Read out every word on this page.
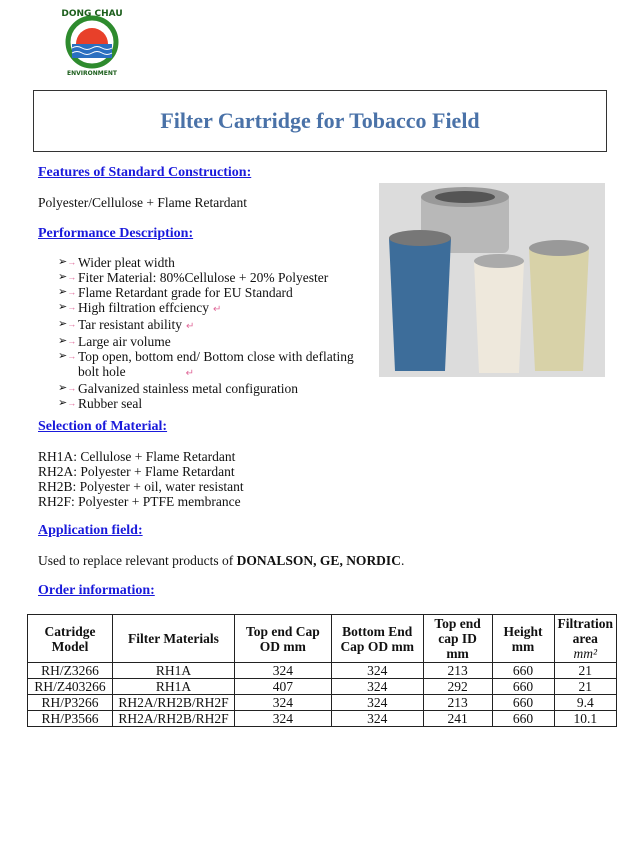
DONG CHAU
ENVIRONMENT
Filter Cartridge for Tobacco Field
Features of Standard Construction:
Polyester/Cellulose + Flame Retardant
Performance Description:
➢→ Wider pleat width
➢→ Fiter Material: 80%Cellulose + 20% Polyester
➢→ Flame Retardant grade for EU Standard
➢→ High filtration effciency ↵
➢→ Tar resistant ability ↵
➢→ Large air volume
➢→ Top open, bottom end/ Bottom close with deflating
bolt hole	↵
➢→ Galvanized stainless metal configuration
➢→ Rubber seal
Selection of Material:
RH1A: Cellulose + Flame Retardant
RH2A: Polyester + Flame Retardant
RH2B: Polyester + oil, water resistant
RH2F: Polyester + PTFE membrance
Application field:
Used to replace relevant products of DONALSON, GE, NORDIC.
Order information:
Catridge Model	Filter Materials	Top end Cap OD mm	Bottom End Cap OD mm	Top end cap ID mm	Height mm	Filtration area
mm²
RH/Z3266	RH1A	324	324	213	660	21
RH/Z403266	RH1A	407	324	292	660	21
RH/P3266	RH2A/RH2B/RH2F	324	324	213	660	9.4
RH/P3566	RH2A/RH2B/RH2F	324	324	241	660	10.1
